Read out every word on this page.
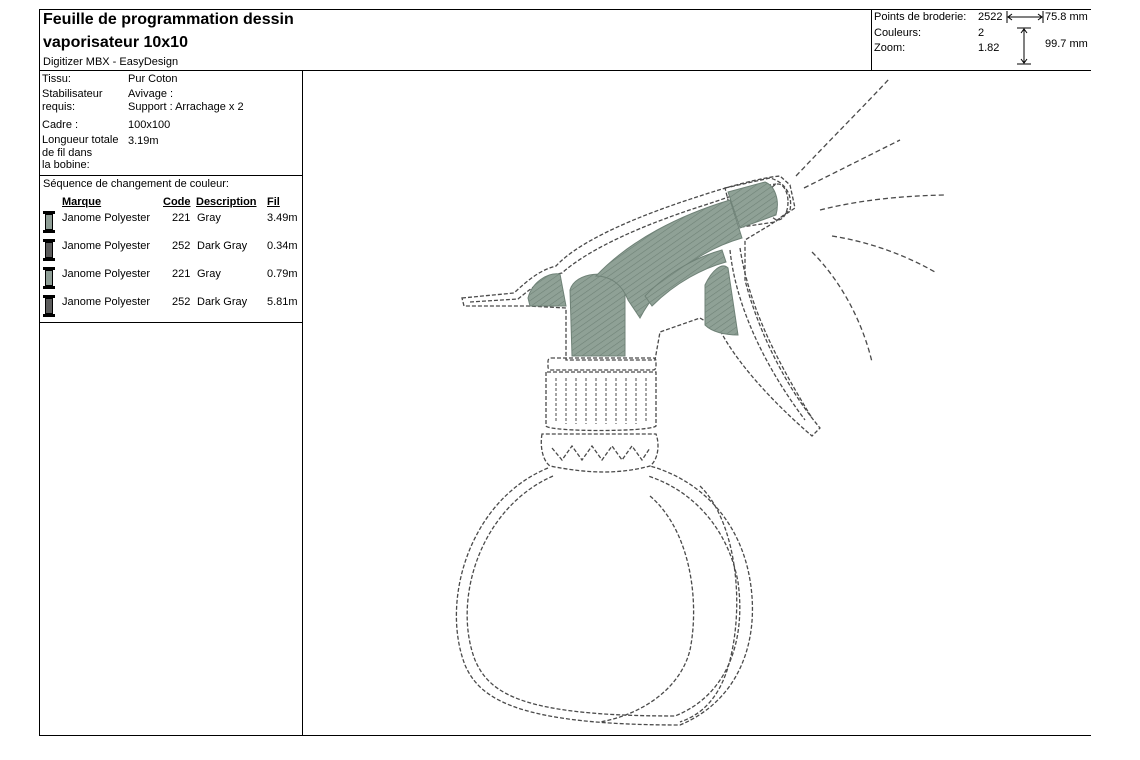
Feuille de programmation dessin
vaporisateur 10x10
Digitizer MBX - EasyDesign
Points de broderie: 2522
Couleurs:	2
Zoom:	1.82
75.8 mm
99.7 mm
Tissu:	Pur Coton
Stabilisateur
requis:
Avivage :
Support : Arrachage x 2
Cadre :	100x100
Longueur totale
de fil dans
la bobine:
3.19m
Séquence de changement de couleur:
Marque	Code Description Fil
Janome Polyester 221 Gray	3.49m
Janome Polyester 252 Dark Gray 0.34m
Janome Polyester 221 Gray	0.79m
Janome Polyester 252 Dark Gray 5.81m
